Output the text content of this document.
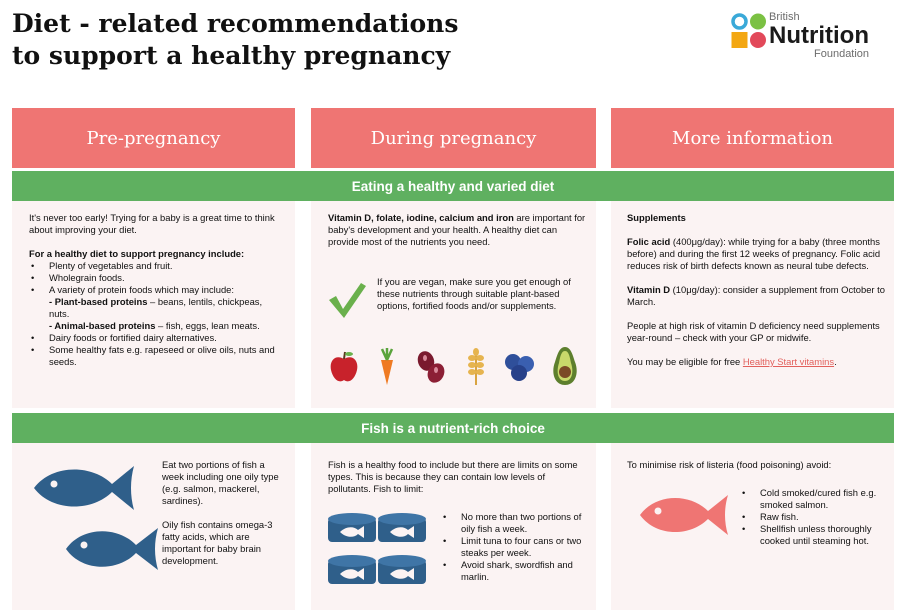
Diet - related recommendations
to support a healthy pregnancy
British
Nutrition
Foundation
Pre-pregnancy	During pregnancy	More information
Eating a healthy and varied diet
It's never too early! Trying for a baby is a great time to think about improving your diet.
For a healthy diet to support pregnancy include:
• Plenty of vegetables and fruit.
• Wholegrain foods.
• A variety of protein foods which may include:
- Plant-based proteins – beans, lentils, chickpeas, nuts.
- Animal-based proteins – fish, eggs, lean meats.
• Dairy foods or fortified dairy alternatives.
• Some healthy fats e.g. rapeseed or olive oils, nuts and seeds.
Vitamin D, folate, iodine, calcium and iron are important for baby's development and your health. A healthy diet can provide most of the nutrients you need.
If you are vegan, make sure you get enough of these nutrients through suitable plant-based options, fortified foods and/or supplements.
Supplements
Folic acid (400μg/day): while trying for a baby (three months before) and during the first 12 weeks of pregnancy. Folic acid reduces risk of birth defects known as neural tube defects.
Vitamin D (10μg/day): consider a supplement from October to March.
People at high risk of vitamin D deficiency need supplements year-round – check with your GP or midwife.
You may be eligible for free Healthy Start vitamins.
Fish is a nutrient-rich choice
Eat two portions of fish a week including one oily type (e.g. salmon, mackerel, sardines).
Oily fish contains omega-3 fatty acids, which are important for baby brain development.
Fish is a healthy food to include but there are limits on some types. This is because they can contain low levels of pollutants. Fish to limit:
• No more than two portions of oily fish a week.
• Limit tuna to four cans or two steaks per week.
• Avoid shark, swordfish and marlin.
To minimise risk of listeria (food poisoning) avoid:
• Cold smoked/cured fish e.g. smoked salmon.
• Raw fish.
• Shellfish unless thoroughly cooked until steaming hot.
